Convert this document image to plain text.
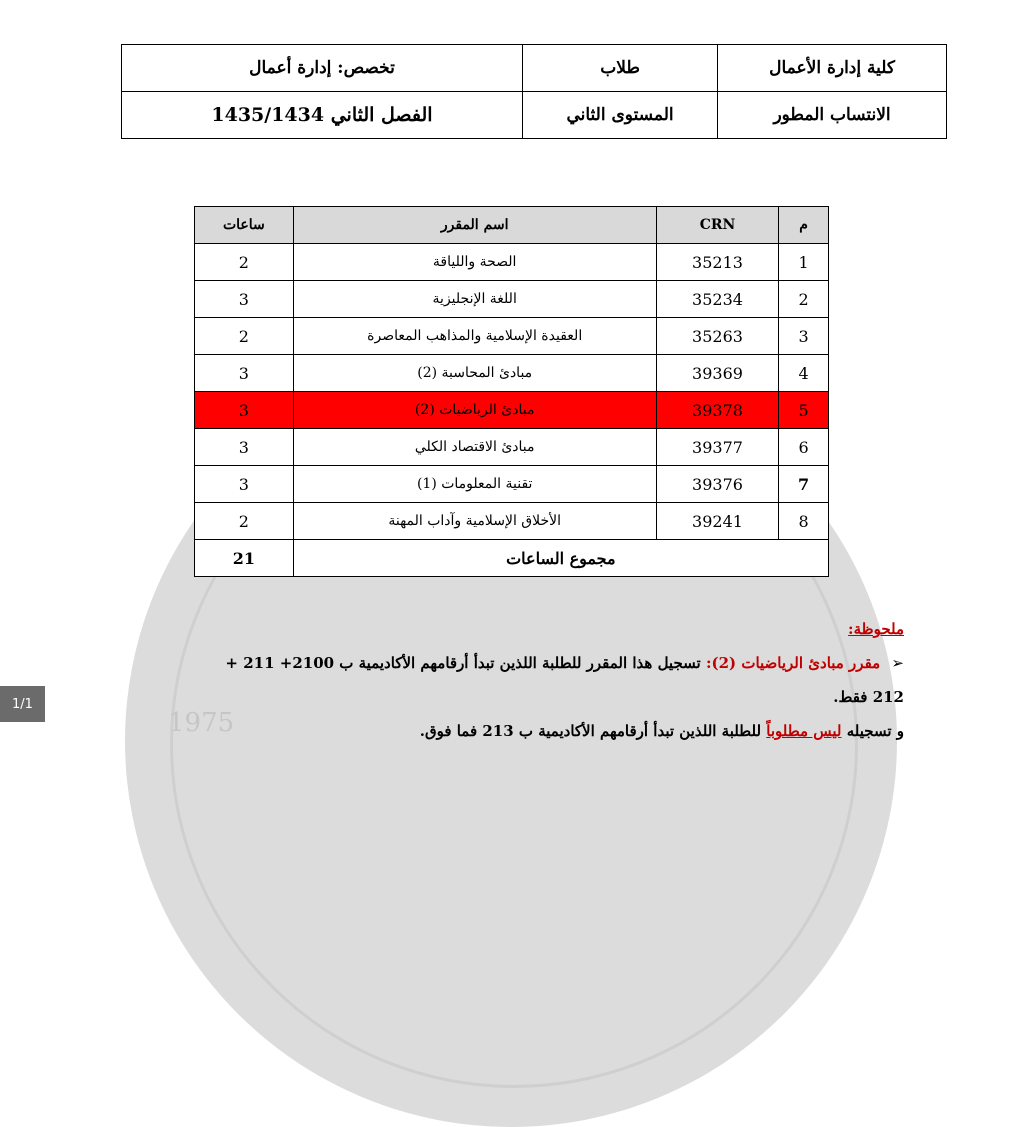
1975
كلية إدارة الأعمال	طلاب	تخصص: إدارة أعمال
الانتساب المطور	المستوى الثاني	الفصل الثاني 1435/1434
م	CRN	اسم المقرر	ساعات
1	35213	الصحة واللياقة	2
2	35234	اللغة الإنجليزية	3
3	35263	العقيدة الإسلامية والمذاهب المعاصرة	2
4	39369	مبادئ المحاسبة (2)	3
5	39378	مبادئ الرياضيات (2)	3
6	39377	مبادئ الاقتصاد الكلي	3
7	39376	تقنية المعلومات (1)	3
8	39241	الأخلاق الإسلامية وآداب المهنة	2
مجموع الساعات			21
ملحوظة:
➢ مقرر مبادئ الرياضيات (2): تسجيل هذا المقرر للطلبة اللذين تبدأ أرقامهم الأكاديمية ب 2100+ 211 +
212 فقط.
و تسجيله ليس مطلوباً للطلبة اللذين تبدأ أرقامهم الأكاديمية ب 213 فما فوق.
1/1
